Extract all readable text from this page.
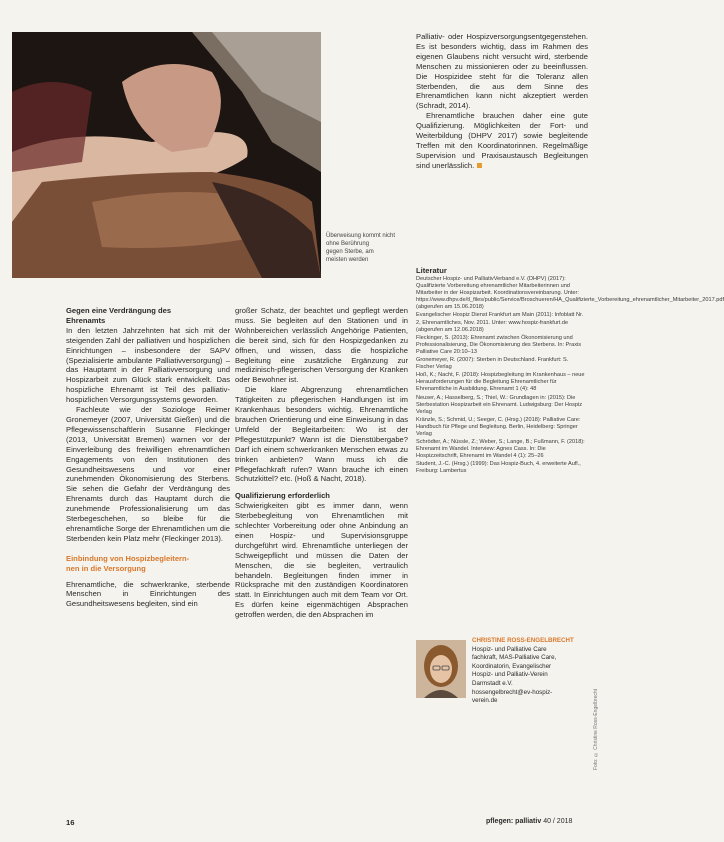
Überweisung kommt nicht ohne Berührung
gegen Sterbe, am
meisten werden
Gegen eine Verdrängung des
Ehrenamts

In den letzten Jahrzehnten hat sich mit der steigenden Zahl der palliativen und hospizlichen Einrichtungen – insbesondere der SAPV (Spezialisierte ambulante Palliativversorgung) – das Hauptamt in der Palliativversorgung und Hospizarbeit zum Glück stark entwickelt. Das hospizliche Ehrenamt ist Teil des palliativ-hospizlichen Versorgungssystems geworden.

Fachleute wie der Soziologe Reimer Gronemeyer (2007, Universität Gießen) und die Pflegewissenschaftlerin Susanne Fleckinger (2013, Universität Bremen) warnen vor der Einverleibung des freiwilligen ehrenamtlichen Engagements von den Institutionen des Gesundheitswesens und vor einer zunehmenden Ökonomisierung des Sterbens. Sie sehen die Gefahr der Verdrängung des Ehrenamts durch das Hauptamt durch die zunehmende Professionalisierung um das Sterbegeschehen, so bleibe für die ehrenamtliche Sorge der Ehrenamtlichen um die Sterbenden kein Platz mehr (Fleckinger 2013).

Einbindung von Hospizbegleitern-
nen in die Versorgung

Ehrenamtliche, die schwerkranke, sterbende Menschen in Einrichtungen des Gesundheitswesens begleiten, sind ein

großer Schatz, der beachtet und gepflegt werden muss. Sie begleiten auf den Stationen und in Wohnbereichen verlässlich Angehörige Patienten, die bereit sind, sich für den Hospizgedanken zu öffnen, und wissen, dass die hospizliche Begleitung eine zusätzliche Ergänzung zur medizinisch-pflegerischen Versorgung der Kranken oder Bewohner ist.

Die klare Abgrenzung ehrenamtlichen Tätigkeiten zu pflegerischen Handlungen ist im Krankenhaus besonders wichtig. Ehrenamtliche brauchen Orientierung und eine Einweisung in das Umfeld der Begleitarbeiten: Wo ist der Pflegestützpunkt? Wann ist die Dienstübergabe? Darf ich einem schwerkranken Menschen etwas zu trinken anbieten? Wann muss ich die Pflegefachkraft rufen? Wann brauche ich einen Schutzkittel? etc. (Hoß & Nacht, 2018).

Qualifizierung erforderlich

Schwierigkeiten gibt es immer dann, wenn Sterbebegleitung von Ehrenamtlichen mit schlechter Vorbereitung oder ohne Anbindung an einen Hospiz- und Supervisionsgruppe durchgeführt wird. Ehrenamtliche unterliegen der Schweigepflicht und müssen die Daten der Menschen, die sie begleiten, vertraulich behandeln. Begleitungen finden immer in Rücksprache mit den zuständigen Koordinatoren statt. In Einrichtungen auch mit dem Team vor Ort. Es dürfen keine eigenmächtigen Absprachen getroffen werden, die den Absprachen im

Palliativ- oder Hospizversorgungsentgegenstehen. Es ist besonders wichtig, dass im Rahmen des eigenen Glaubens nicht versucht wird, sterbende Menschen zu missionieren oder zu beeinflussen. Die Hospizidee steht für die Toleranz allen Sterbenden, die aus dem Sinne des Ehrenamtlichen kann nicht akzeptiert werden (Schradt, 2014).

Ehrenamtliche brauchen daher eine gute Qualifizierung. Möglichkeiten der Fort- und Weiterbildung (DHPV 2017) sowie begleitende Treffen mit den Koordinatorinnen. Regelmäßige Supervision und Praxisaustausch Begleitungen sind unerlässlich.

Literatur
Deutscher Hospiz- und PalliativVerband e.V. (DHPV) (2017): Qualifizierte Vorbereitung ehrenamtlicher Mitarbeiterinnen und Mitarbeiter in der Hospizarbeit. Koordinationsvereinbarung. Unter: https://www.dhpv.de/tl_files/public/Service/Broschueren/HA_Qualifizierte_Vorbereitung_ehrenamtlicher_Mitarbeiter_2017.pdf (abgerufen am 15.06.2018)
Evangelischer Hospiz Dienst Frankfurt am Main (2011): Infoblatt Nr. 2, Ehrenamtliches, Nov. 2011. Unter: www.hospiz-frankfurt.de (abgerufen am 12.06.2018)
Fleckinger, S. (2013): Ehrenamt zwischen Ökonomisierung und Professionalisierung, Die Ökonomisierung des Sterbens. In: Praxis Palliative Care 20:10–13
Gronemeyer, R. (2007): Sterben in Deutschland. Frankfurt: S. Fischer Verlag
Hoß, K.; Nacht, F. (2018): Hospizbegleitung im Krankenhaus – neue Herausforderungen für die Begleitung Ehrenamtlicher für Ehrenamtliche in Ausbildung, Ehrenamt 1 (4): 48
Neuser, A.; Hasselberg, S.; Thiel, W.: Grundlagen in: (2015): Die Sterbestation Hospizarbeit ein Ehrenamt. Ludwigsburg: Der Hospiz Verlag
Kränzle, S.; Schmid, U.; Seeger, C. (Hrsg.) (2018): Palliative Care: Handbuch für Pflege und Begleitung. Berlin, Heidelberg: Springer Verlag
Schrödter, A.; Nüssle, Z.; Weber, S.; Lange, B.; Fußmann, F. (2018): Ehrenamt im Wandel. Interview: Agnes Cass. In: Die Hospizzeitschrift, Ehrenamt im Wandel 4 (1): 25–26
Student, J.-C. (Hrsg.) (1999): Das Hospiz-Buch, 4. erweiterte Aufl., Freiburg: Lambertus
CHRISTINE ROSS-ENGELBRECHT
Hospiz- und Palliative Care
fachkraft, MAS-Palliative Care,
Koordinatorin, Evangelischer
Hospiz- und Palliativ-Verein
Darmstadt e.V.
hossengelbrecht@ev-hospiz-
verein.de	Foto: © Christine Ross-Engelbrecht
16	pflegen: palliativ 40 / 2018
